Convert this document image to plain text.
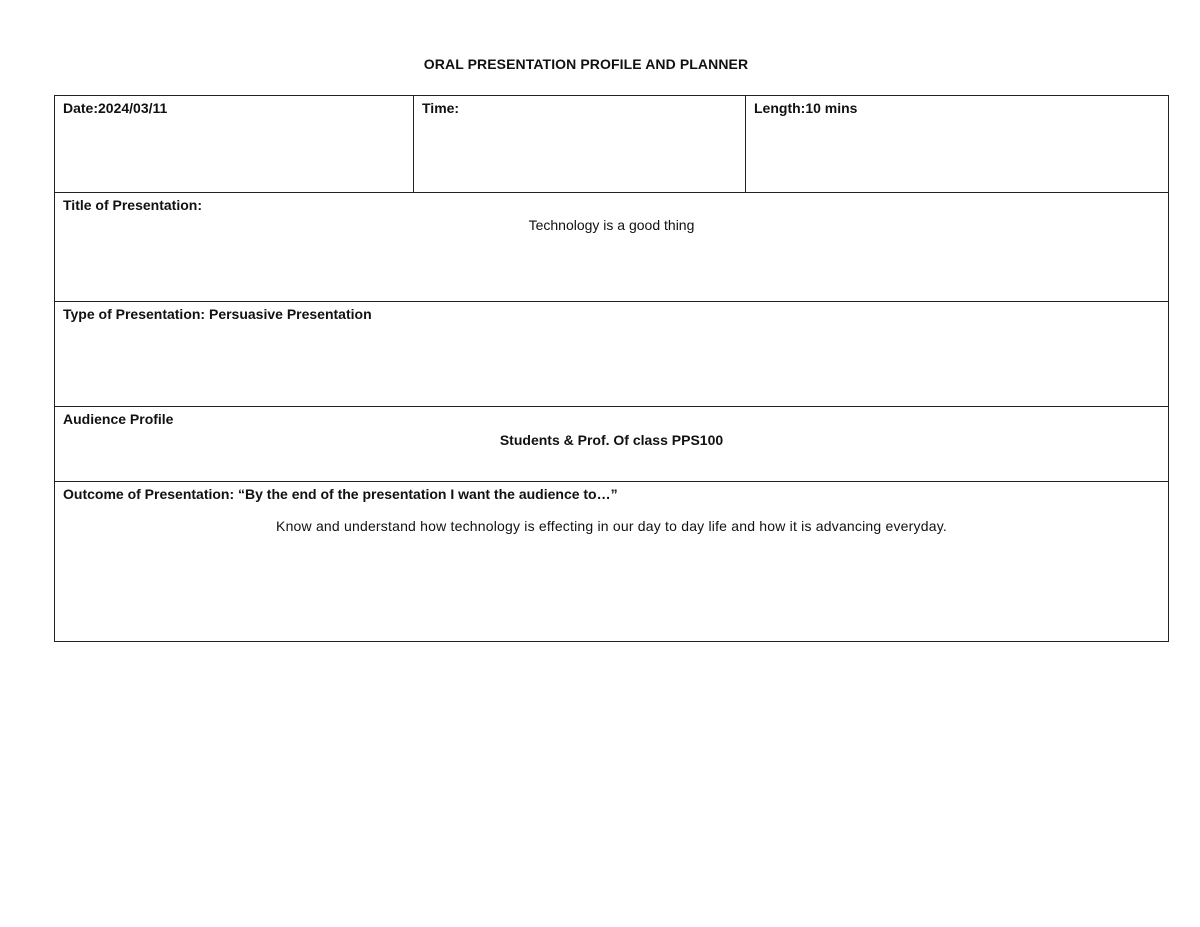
ORAL PRESENTATION PROFILE AND PLANNER
Date:2024/03/11	Time:	Length:10 mins

Title of Presentation:
Technology is a good thing

Type of Presentation: Persuasive Presentation

Audience Profile
Students & Prof. Of class PPS100

Outcome of Presentation: “By the end of the presentation I want the audience to…”
Know and understand how technology is effecting in our day to day life and how it is advancing everyday.
